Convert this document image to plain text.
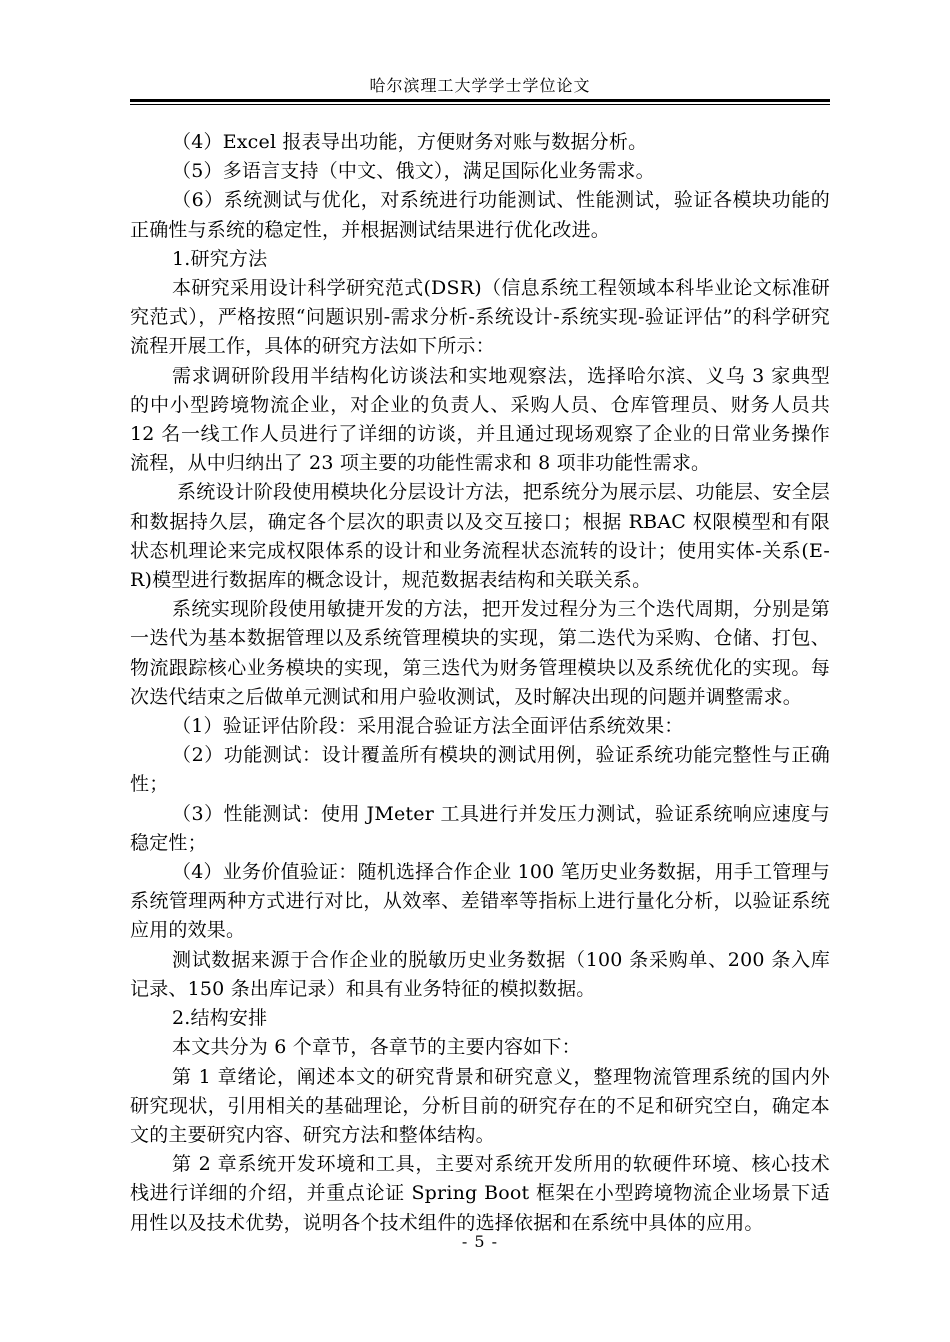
哈尔滨理工大学学士学位论文

（4）Excel 报表导出功能，方便财务对账与数据分析。

（5）多语言支持（中文、俄文），满足国际化业务需求。

（6）系统测试与优化，对系统进行功能测试、性能测试，验证各模块功能的正确性与系统的稳定性，并根据测试结果进行优化改进。

1.研究方法

本研究采用设计科学研究范式(DSR)（信息系统工程领域本科毕业论文标准研究范式），严格按照“问题识别-需求分析-系统设计-系统实现-验证评估”的科学研究流程开展工作，具体的研究方法如下所示：

需求调研阶段用半结构化访谈法和实地观察法，选择哈尔滨、义乌 3 家典型的中小型跨境物流企业，对企业的负责人、采购人员、仓库管理员、财务人员共 12 名一线工作人员进行了详细的访谈，并且通过现场观察了企业的日常业务操作流程，从中归纳出了 23 项主要的功能性需求和 8 项非功能性需求。

系统设计阶段使用模块化分层设计方法，把系统分为展示层、功能层、安全层和数据持久层，确定各个层次的职责以及交互接口；根据 RBAC 权限模型和有限状态机理论来完成权限体系的设计和业务流程状态流转的设计；使用实体-关系(E-R)模型进行数据库的概念设计，规范数据表结构和关联关系。

系统实现阶段使用敏捷开发的方法，把开发过程分为三个迭代周期，分别是第一迭代为基本数据管理以及系统管理模块的实现，第二迭代为采购、仓储、打包、物流跟踪核心业务模块的实现，第三迭代为财务管理模块以及系统优化的实现。每次迭代结束之后做单元测试和用户验收测试，及时解决出现的问题并调整需求。

（1）验证评估阶段：采用混合验证方法全面评估系统效果：

（2）功能测试：设计覆盖所有模块的测试用例，验证系统功能完整性与正确性；

（3）性能测试：使用 JMeter 工具进行并发压力测试，验证系统响应速度与稳定性；

（4）业务价值验证：随机选择合作企业 100 笔历史业务数据，用手工管理与系统管理两种方式进行对比，从效率、差错率等指标上进行量化分析，以验证系统应用的效果。

测试数据来源于合作企业的脱敏历史业务数据（100 条采购单、200 条入库记录、150 条出库记录）和具有业务特征的模拟数据。

2.结构安排

本文共分为 6 个章节，各章节的主要内容如下：

第 1 章绪论，阐述本文的研究背景和研究意义，整理物流管理系统的国内外研究现状，引用相关的基础理论，分析目前的研究存在的不足和研究空白，确定本文的主要研究内容、研究方法和整体结构。

第 2 章系统开发环境和工具，主要对系统开发所用的软硬件环境、核心技术栈进行详细的介绍，并重点论证 Spring Boot 框架在小型跨境物流企业场景下适用性以及技术优势，说明各个技术组件的选择依据和在系统中具体的应用。

- 5 -
